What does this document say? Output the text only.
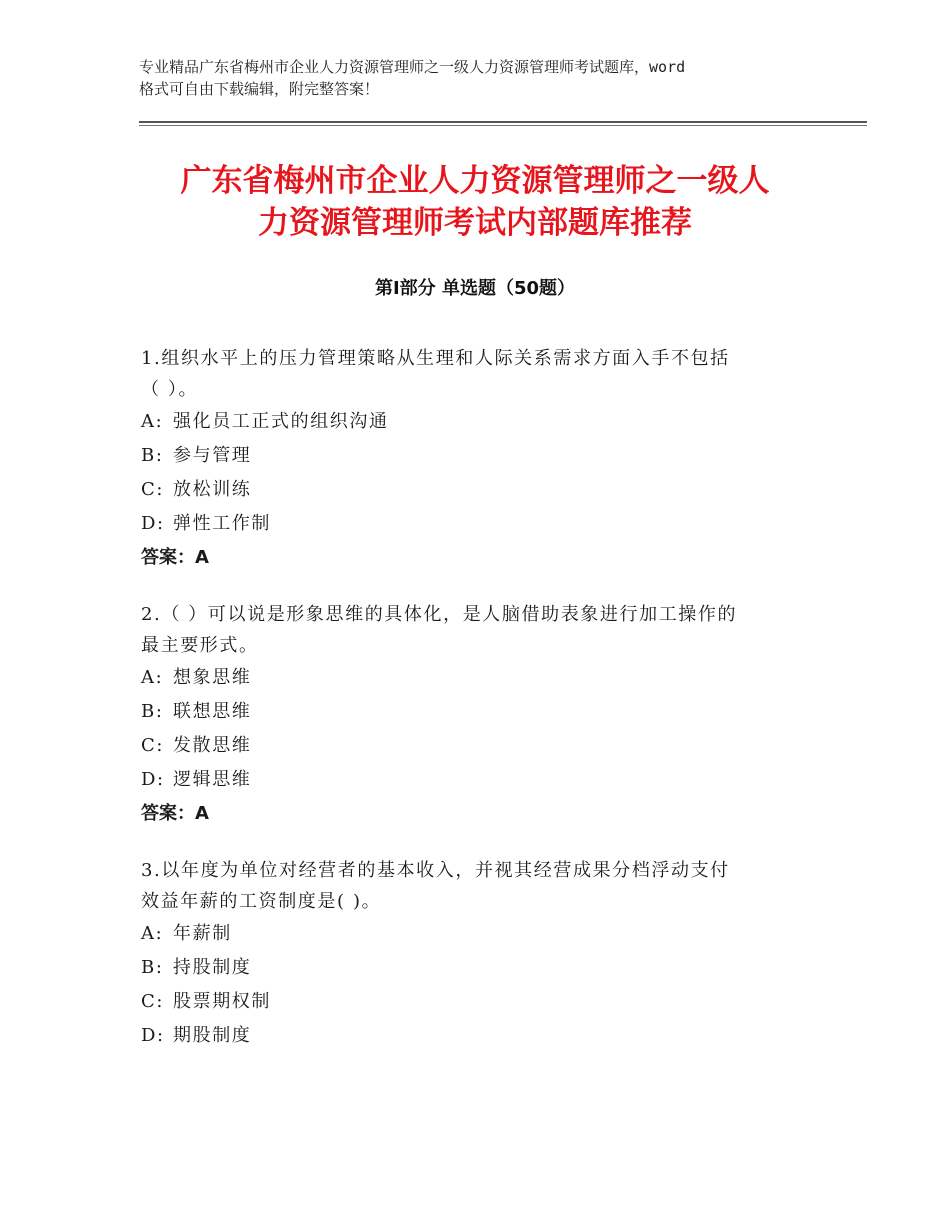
专业精品广东省梅州市企业人力资源管理师之一级人力资源管理师考试题库，word
格式可自由下载编辑，附完整答案！
广东省梅州市企业人力资源管理师之一级人
力资源管理师考试内部题库推荐
第Ⅰ部分 单选题（50题）

1.组织水平上的压力管理策略从生理和人际关系需求方面入手不包括

（ ）。

A: 强化员工正式的组织沟通

B: 参与管理

C: 放松训练

D: 弹性工作制

答案：A

2.（ ）可以说是形象思维的具体化，是人脑借助表象进行加工操作的

最主要形式。

A: 想象思维

B: 联想思维

C: 发散思维

D: 逻辑思维

答案：A

3.以年度为单位对经营者的基本收入，并视其经营成果分档浮动支付

效益年薪的工资制度是( )。

A: 年薪制

B: 持股制度

C: 股票期权制

D: 期股制度
